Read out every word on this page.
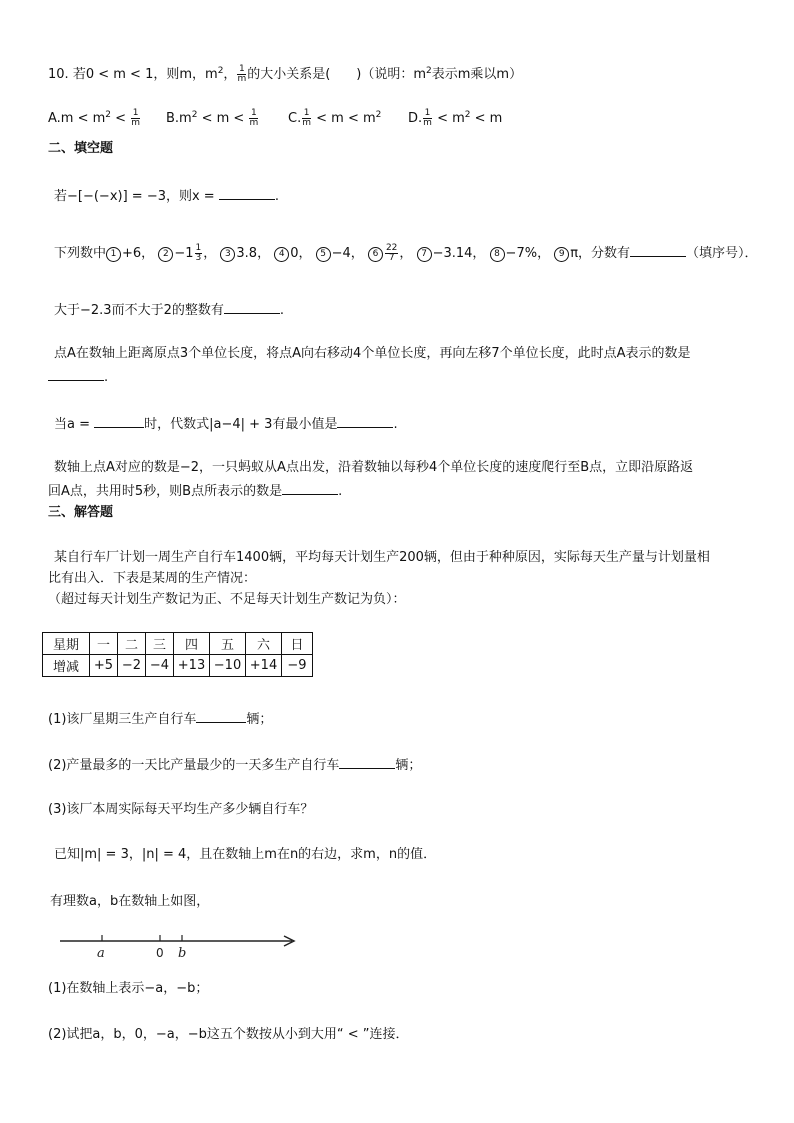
10. 若0 < m < 1，则m，$m^2$， $\frac{1}{m}$ 的大小关系是(　　)（说明：$m^2$表示m乘以m）
$A.m < m^2 < \frac{1}{m} B.m^2 < m < \frac{1}{m} C$. $\frac{1}{m} < m < m^2$ D. $\frac{1}{m} < m^2 < m$
二、填空题
若−[−(−x)] = −3，则x =	.
下列数中 1 +6， $2 -1 \frac{1}{3}$ ， 3 3.8， 4 0， 5 −4， $6 \frac{22}{7}$ ， 7 −3.14， 8 −7%， 9 π，分数有	（填序号）．
大于−2.3而不大于2的整数有	.
点A在数轴上距离原点3个单位长度，将点A向右移动4个单位长度，再向左移7个单位长度，此时点A表示的数是
.
当a =	时，代数式|a−4| + 3有最小值是	.
数轴上点A对应的数是−2，一只蚂蚁从A点出发，沿着数轴以每秒4个单位长度的速度爬行至B点，立即沿原路返
回A点，共用时5秒，则B点所表示的数是	.
三、解答题
某自行车厂计划一周生产自行车1400辆，平均每天计划生产200辆，但由于种种原因，实际每天生产量与计划量相
比有出入．下表是某周的生产情况：
（超过每天计划生产数记为正、不足每天计划生产数记为负）：
星期	一	二	三	四	五	六	日
增减	+5	−2	−4	+13	−10	+14	−9
(1)该厂星期三生产自行车	辆；
(2)产量最多的一天比产量最少的一天多生产自行车	辆；
(3)该厂本周实际每天平均生产多少辆自行车？
已知|m| = 3，|n| = 4，且在数轴上m在n的右边，求m，n的值．
有理数a，b在数轴上如图，
a	0 b
(1)在数轴上表示−a，−b；
(2)试把a，b，0，−a，−b这五个数按从小到大用“ < ”连接．
